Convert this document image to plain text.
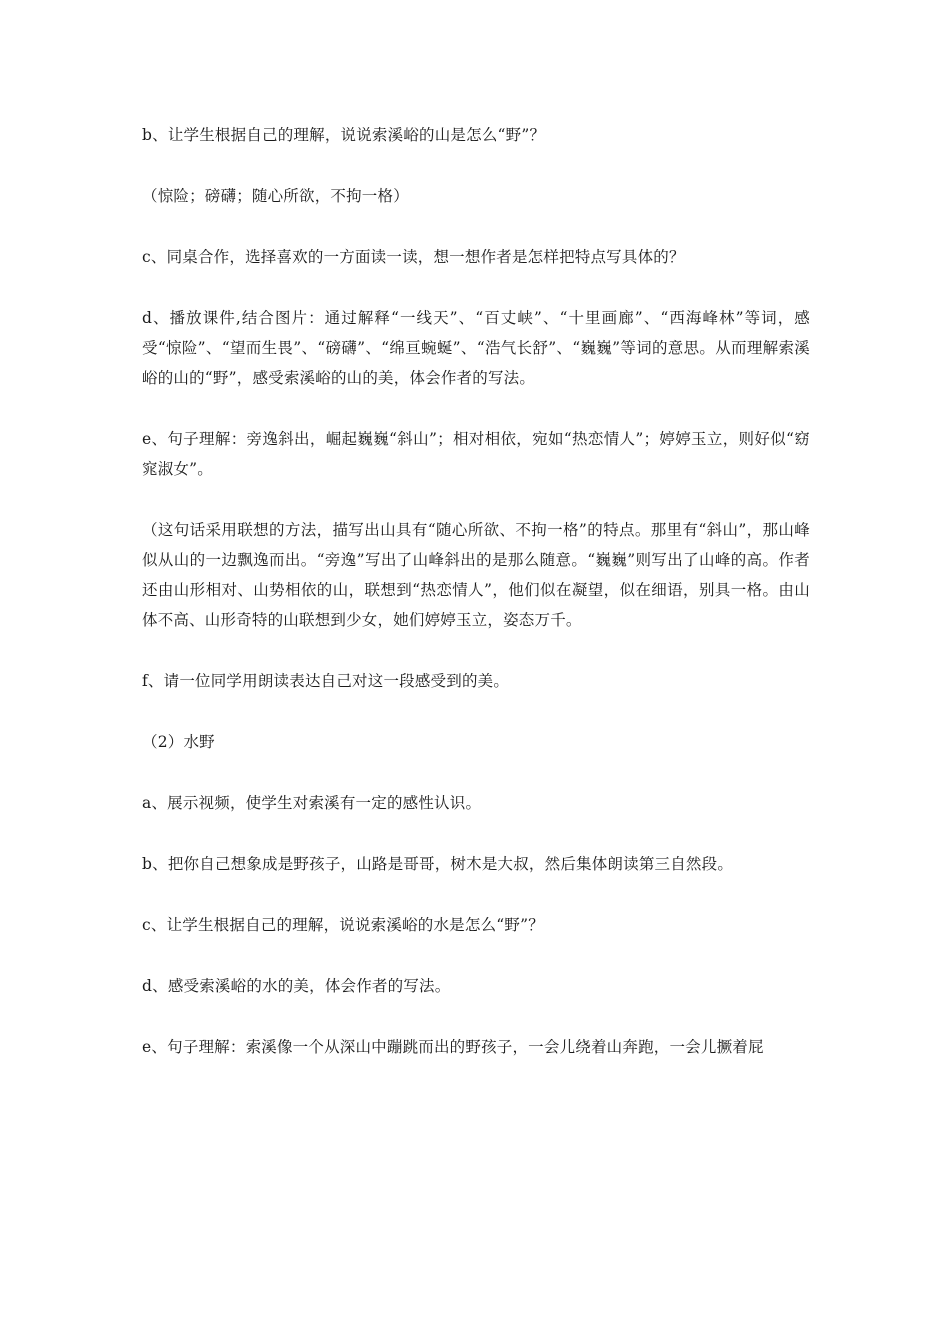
b、让学生根据自己的理解，说说索溪峪的山是怎么“野”？

（惊险；磅礴；随心所欲，不拘一格）

c、同桌合作，选择喜欢的一方面读一读，想一想作者是怎样把特点写具体的？

d、播放课件,结合图片：通过解释“一线天”、“百丈峡”、“十里画廊”、“西海峰林”等词，感受“惊险”、“望而生畏”、“磅礴”、“绵亘蜿蜒”、“浩气长舒”、“巍巍”等词的意思。从而理解索溪峪的山的“野”，感受索溪峪的山的美，体会作者的写法。

e、句子理解：旁逸斜出，崛起巍巍“斜山”；相对相依，宛如“热恋情人”；婷婷玉立，则好似“窈窕淑女”。

（这句话采用联想的方法，描写出山具有“随心所欲、不拘一格”的特点。那里有“斜山”，那山峰似从山的一边飘逸而出。“旁逸”写出了山峰斜出的是那么随意。“巍巍”则写出了山峰的高。作者还由山形相对、山势相依的山，联想到“热恋情人”，他们似在凝望，似在细语，别具一格。由山体不高、山形奇特的山联想到少女，她们婷婷玉立，姿态万千。

f、请一位同学用朗读表达自己对这一段感受到的美。

（2）水野

a、展示视频，使学生对索溪有一定的感性认识。

b、把你自己想象成是野孩子，山路是哥哥，树木是大叔，然后集体朗读第三自然段。

c、让学生根据自己的理解，说说索溪峪的水是怎么“野”？

d、感受索溪峪的水的美，体会作者的写法。

e、句子理解：索溪像一个从深山中蹦跳而出的野孩子，一会儿绕着山奔跑，一会儿撅着屁
